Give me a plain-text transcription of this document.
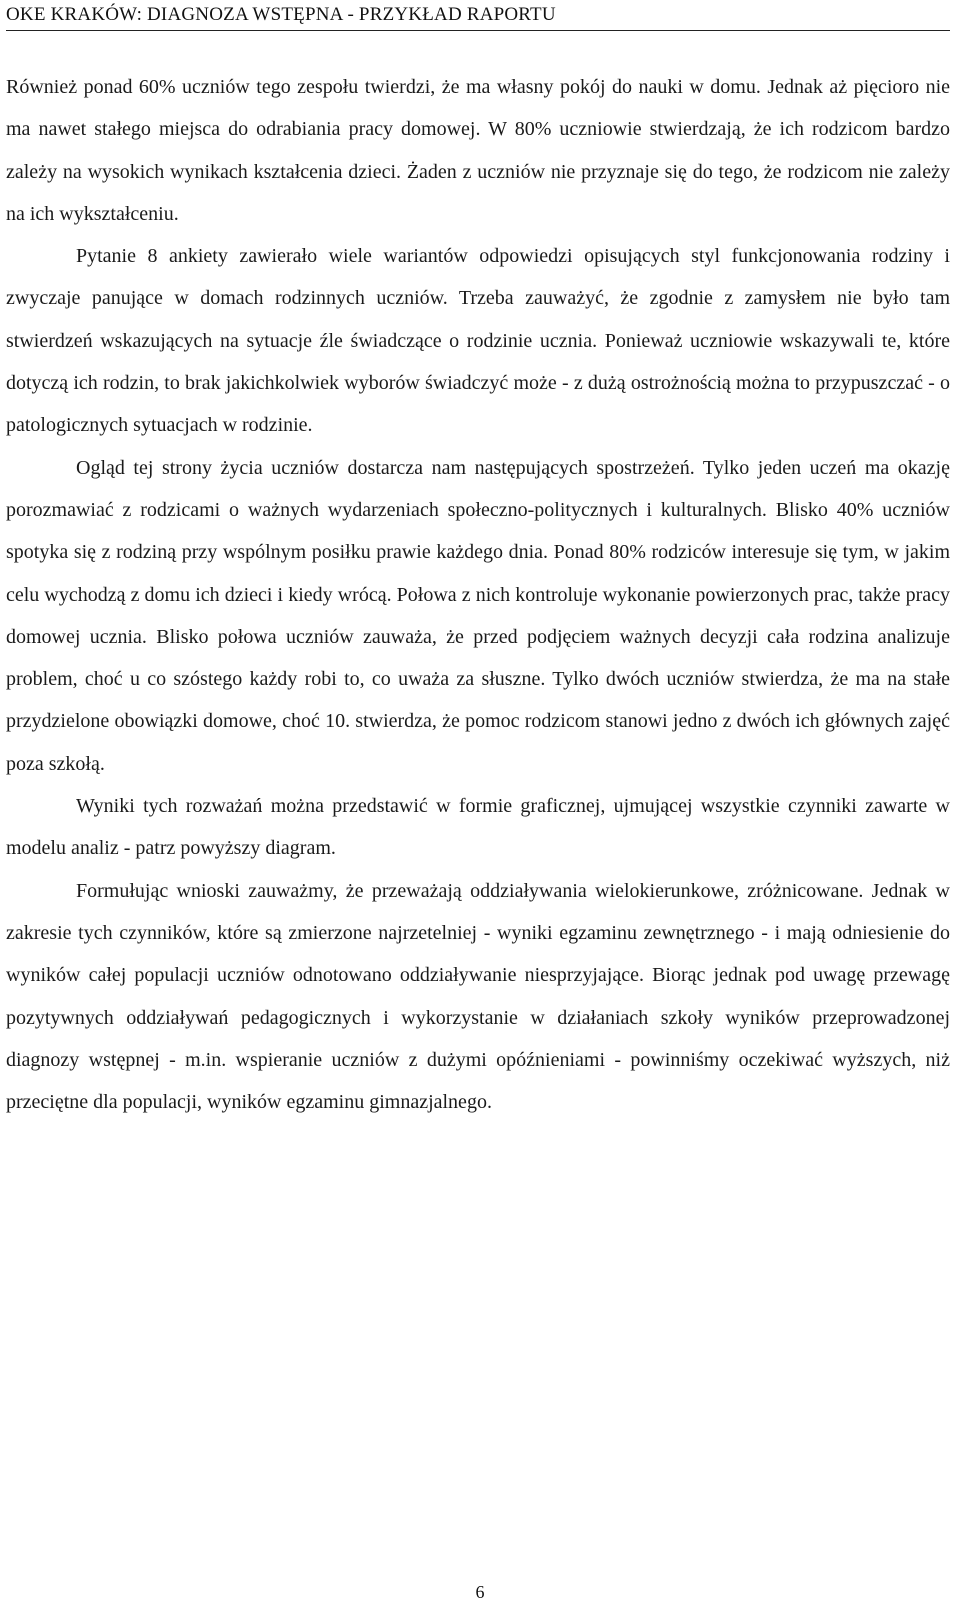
OKE KRAKÓW: DIAGNOZA WSTĘPNA - PRZYKŁAD RAPORTU

Również ponad 60% uczniów tego zespołu twierdzi, że ma własny pokój do nauki w domu. Jednak aż pięcioro nie ma nawet stałego miejsca do odrabiania pracy domowej. W 80% uczniowie stwierdzają, że ich rodzicom bardzo zależy na wysokich wynikach kształcenia dzieci. Żaden z uczniów nie przyznaje się do tego, że rodzicom nie zależy na ich wykształceniu.

Pytanie 8 ankiety zawierało wiele wariantów odpowiedzi opisujących styl funkcjonowania rodziny i zwyczaje panujące w domach rodzinnych uczniów. Trzeba zauważyć, że zgodnie z zamysłem nie było tam stwierdzeń wskazujących na sytuacje źle świadczące o rodzinie ucznia. Ponieważ uczniowie wskazywali te, które dotyczą ich rodzin, to brak jakichkolwiek wyborów świadczyć może - z dużą ostrożnością można to przypuszczać - o patologicznych sytuacjach w rodzinie.

Ogląd tej strony życia uczniów dostarcza nam następujących spostrzeżeń. Tylko jeden uczeń ma okazję porozmawiać z rodzicami o ważnych wydarzeniach społeczno-politycznych i kulturalnych. Blisko 40% uczniów spotyka się z rodziną przy wspólnym posiłku prawie każdego dnia. Ponad 80% rodziców interesuje się tym, w jakim celu wychodzą z domu ich dzieci i kiedy wrócą. Połowa z nich kontroluje wykonanie powierzonych prac, także pracy domowej ucznia. Blisko połowa uczniów zauważa, że przed podjęciem ważnych decyzji cała rodzina analizuje problem, choć u co szóstego każdy robi to, co uważa za słuszne. Tylko dwóch uczniów stwierdza, że ma na stałe przydzielone obowiązki domowe, choć 10. stwierdza, że pomoc rodzicom stanowi jedno z dwóch ich głównych zajęć poza szkołą.

Wyniki tych rozważań można przedstawić w formie graficznej, ujmującej wszystkie czynniki zawarte w modelu analiz - patrz powyższy diagram.

Formułując wnioski zauważmy, że przeważają oddziaływania wielokierunkowe, zróżnicowane. Jednak w zakresie tych czynników, które są zmierzone najrzetelniej - wyniki egzaminu zewnętrznego - i mają odniesienie do wyników całej populacji uczniów odnotowano oddziaływanie niesprzyjające. Biorąc jednak pod uwagę przewagę pozytywnych oddziaływań pedagogicznych i wykorzystanie w działaniach szkoły wyników przeprowadzonej diagnozy wstępnej - m.in. wspieranie uczniów z dużymi opóźnieniami - powinniśmy oczekiwać wyższych, niż przeciętne dla populacji, wyników egzaminu gimnazjalnego.

6
